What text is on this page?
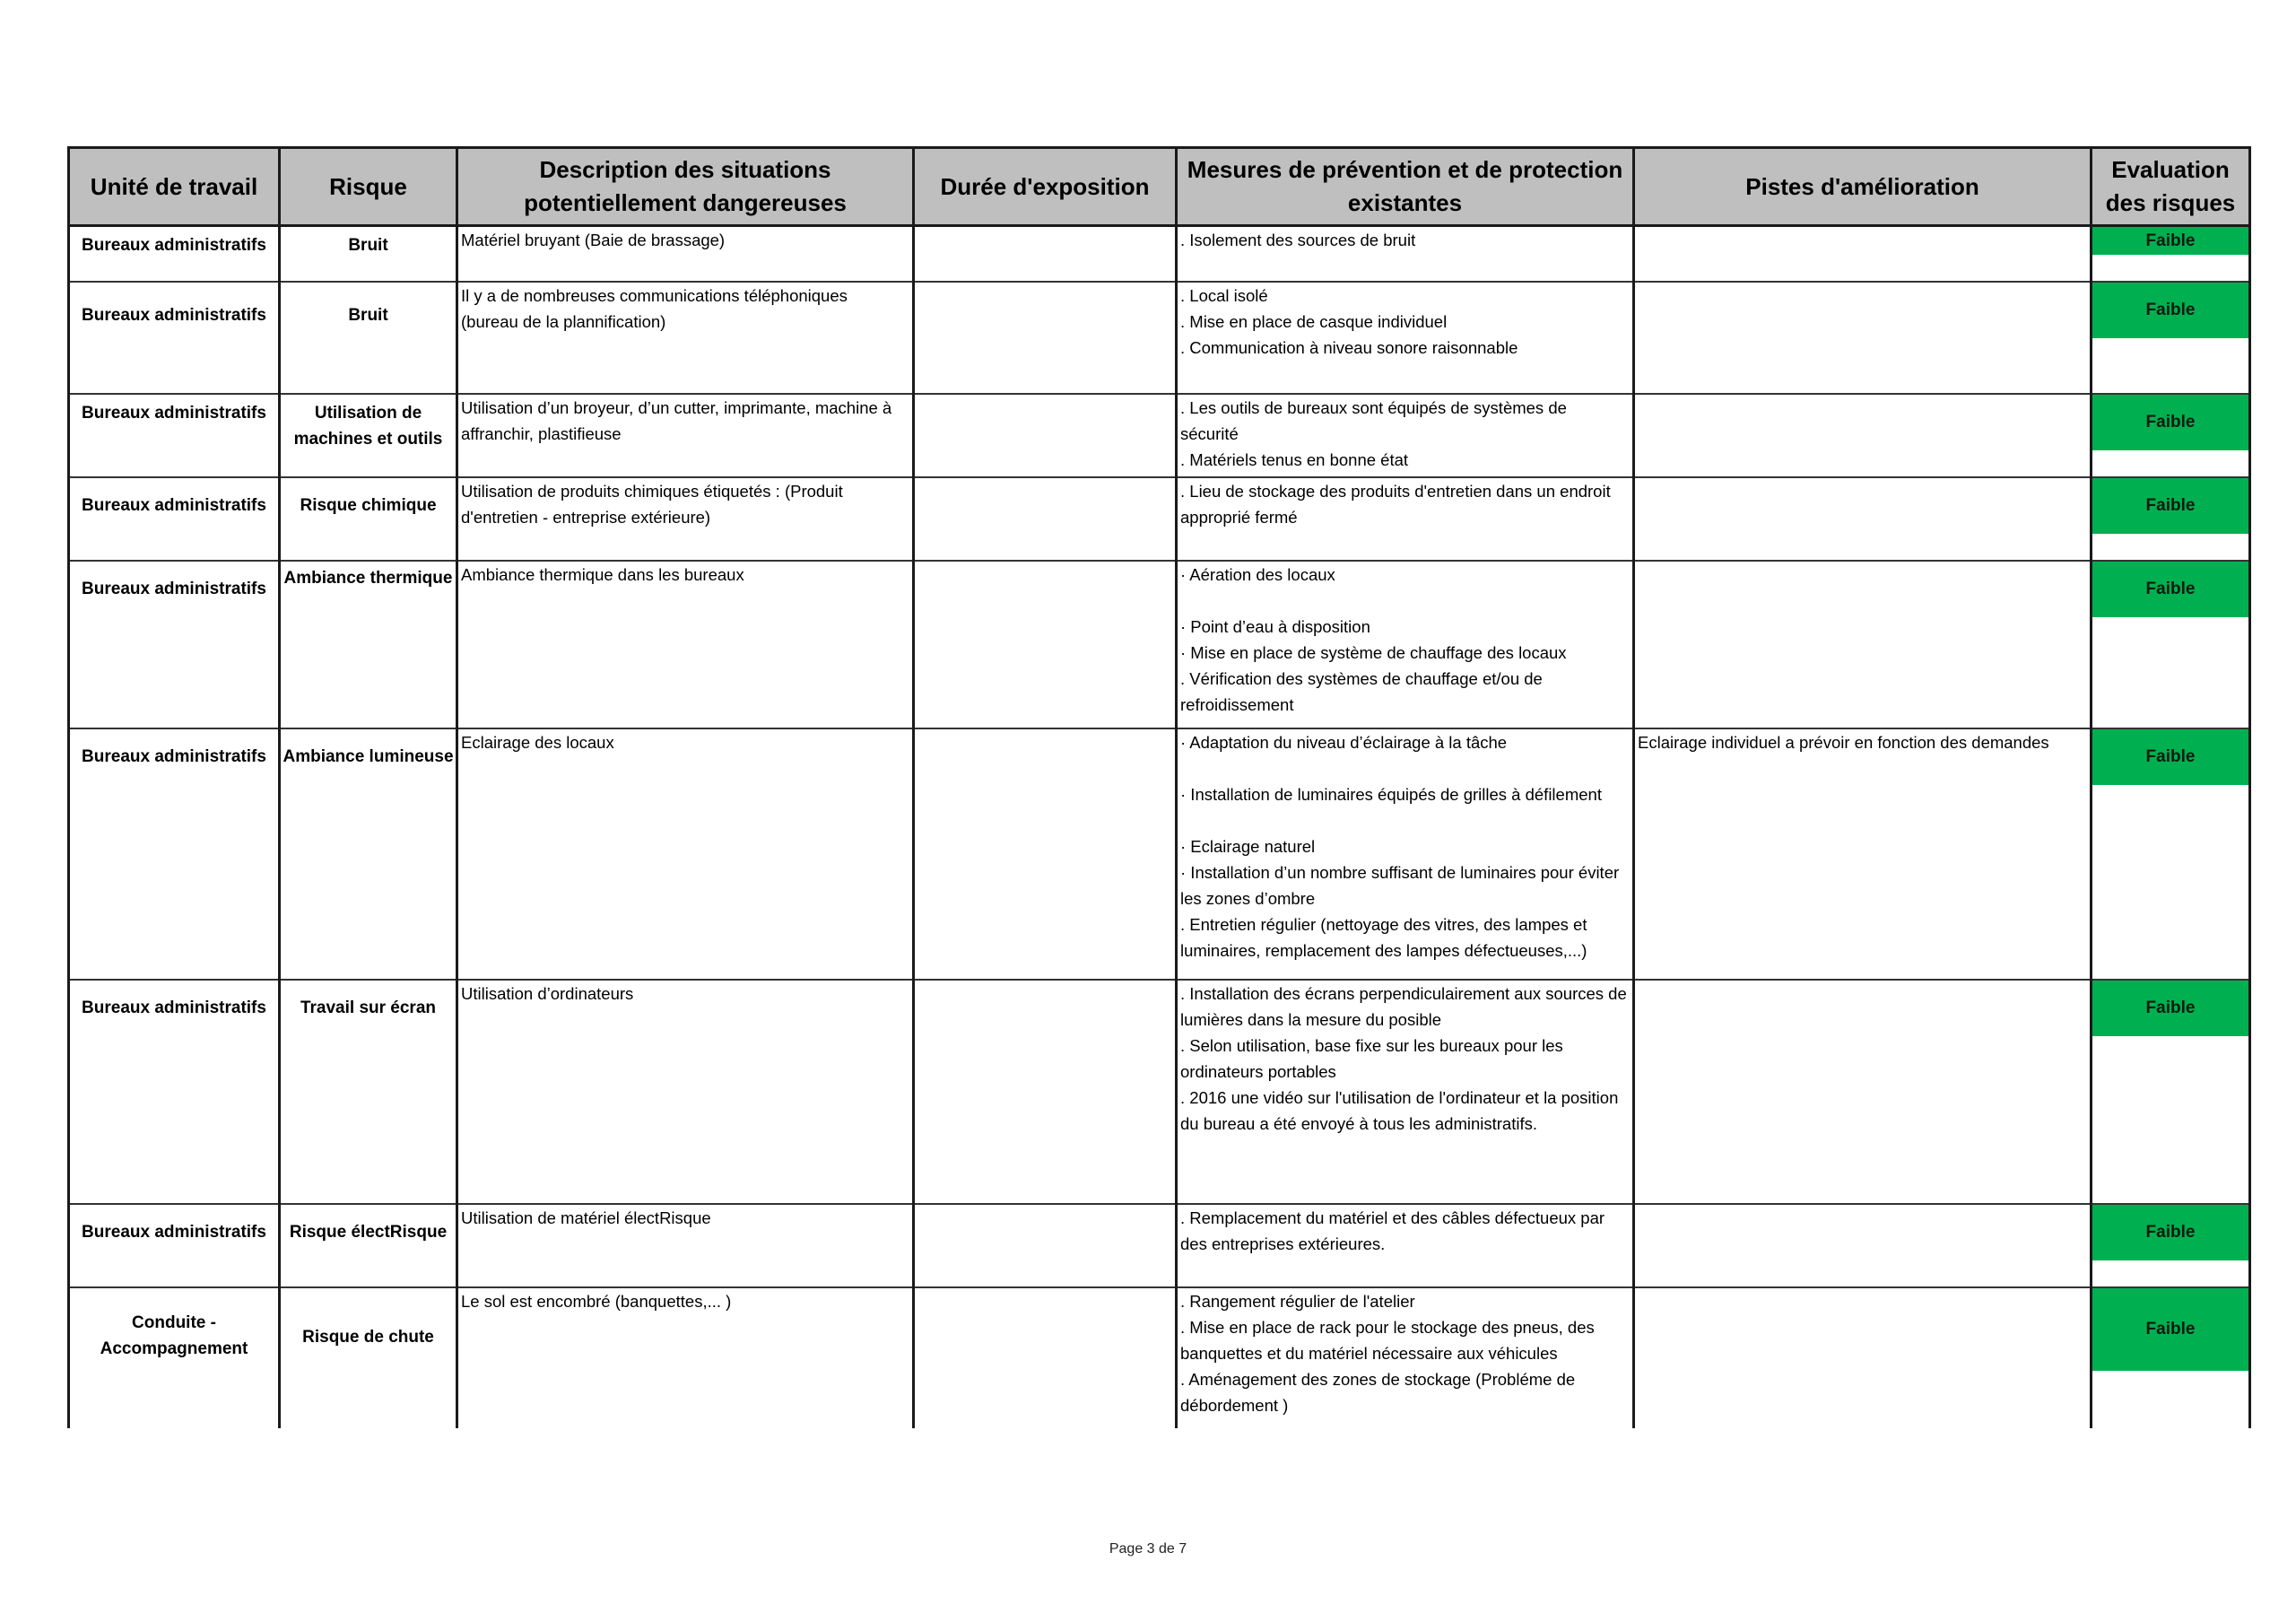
Unité de travail	Risque	Description des situations potentiellement dangereuses	Durée d'exposition	Mesures de prévention et de protection existantes	Pistes d'amélioration	Evaluation des risques
Bureaux administratifs	Bruit	Matériel bruyant (Baie de brassage)		. Isolement des sources de bruit		Faible

Bureaux administratifs	Bruit	Il y a de nombreuses communications téléphoniques (bureau de la plannification)		. Local isolé
. Mise en place de casque individuel
. Communication à niveau sonore raisonnable		Faible

Bureaux administratifs	Utilisation de machines et outils	Utilisation d’un broyeur, d’un cutter, imprimante, machine à affranchir, plastifieuse		. Les outils de bureaux sont équipés de systèmes de sécurité
. Matériels tenus en bonne état		Faible

Bureaux administratifs	Risque chimique	Utilisation de produits chimiques étiquetés : (Produit d'entretien - entreprise extérieure)		. Lieu de stockage des produits d'entretien dans un endroit approprié fermé		Faible

Bureaux administratifs	Ambiance thermique	Ambiance thermique dans les bureaux		· Aération des locaux
· Point d’eau à disposition
· Mise en place de système de chauffage des locaux
. Vérification des systèmes de chauffage et/ou de refroidissement		Faible

Bureaux administratifs	Ambiance lumineuse	Eclairage des locaux		· Adaptation du niveau d’éclairage à la tâche
· Installation de luminaires équipés de grilles à défilement
· Eclairage naturel
· Installation d’un nombre suffisant de luminaires pour éviter les zones d’ombre
. Entretien régulier (nettoyage des vitres, des lampes et luminaires, remplacement des lampes défectueuses,...)	Eclairage individuel a prévoir en fonction des demandes	Faible

Bureaux administratifs	Travail sur écran	Utilisation d’ordinateurs		. Installation des écrans perpendiculairement aux sources de lumières dans la mesure du posible
. Selon utilisation, base fixe sur les bureaux pour les ordinateurs portables
. 2016 une vidéo sur l'utilisation de l'ordinateur et la position du bureau a été envoyé à tous les administratifs.		Faible

Bureaux administratifs	Risque électRisque	Utilisation de matériel électRisque		. Remplacement du matériel et des câbles défectueux par des entreprises extérieures.		Faible

Conduite - Accompagnement	Risque de chute	Le sol est encombré (banquettes,... )		. Rangement régulier de l'atelier
. Mise en place de rack pour le stockage des pneus, des banquettes et du matériel nécessaire aux véhicules
. Aménagement des zones de stockage (Probléme de débordement )		Faible
Page 3 de 7
